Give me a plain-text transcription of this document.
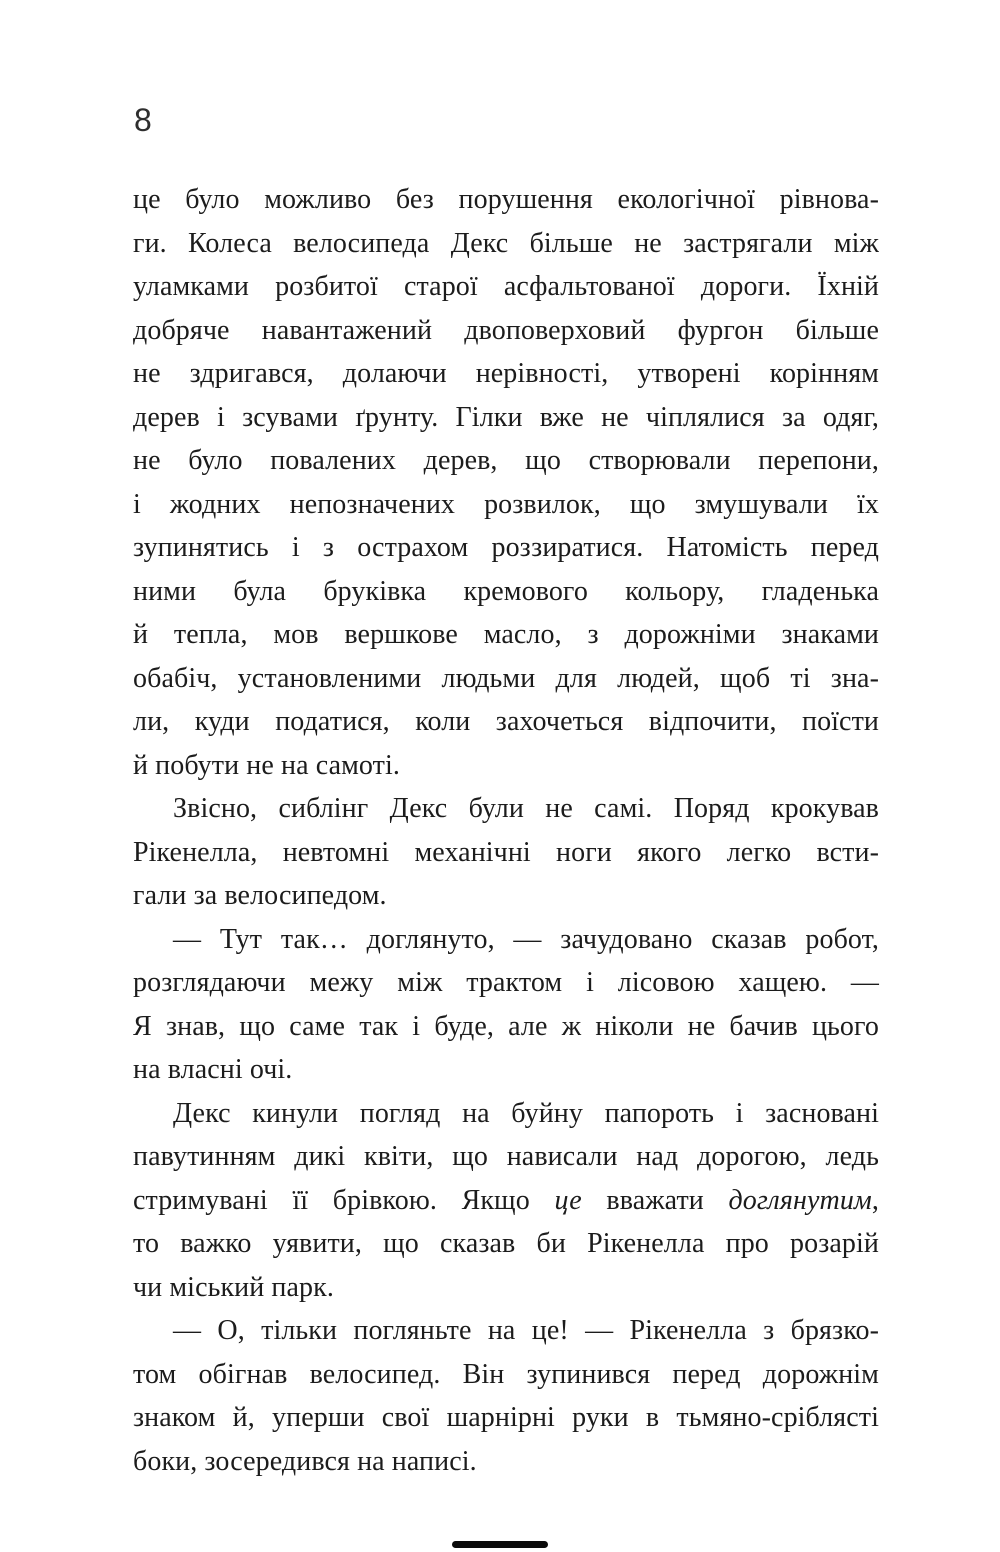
8
це було можливо без порушення екологічної рівнова-
ги. Колеса велосипеда Декс більше не застрягали між
уламками розбитої старої асфальтованої дороги. Їхній
добряче навантажений двоповерховий фургон більше
не здригався, долаючи нерівності, утворені корінням
дерев і зсувами ґрунту. Гілки вже не чіплялися за одяг,
не було повалених дерев, що створювали перепони,
і жодних непозначених розвилок, що змушували їх
зупинятись і з острахом роззиратися. Натомість перед
ними була бруківка кремового кольору, гладенька
й тепла, мов вершкове масло, з дорожніми знаками
обабіч, установленими людьми для людей, щоб ті зна-
ли, куди податися, коли захочеться відпочити, поїсти
й побути не на самоті.
Звісно, сиблінг Декс були не самі. Поряд крокував
Рікенелла, невтомні механічні ноги якого легко всти-
гали за велосипедом.
— Тут так… доглянуто, — зачудовано сказав робот,
розглядаючи межу між трактом і лісовою хащею. —
Я знав, що саме так і буде, але ж ніколи не бачив цього
на власні очі.
Декс кинули погляд на буйну папороть і засновані
павутинням дикі квіти, що нависали над дорогою, ледь
стримувані її брівкою. Якщо це вважати доглянутим,
то важко уявити, що сказав би Рікенелла про розарій
чи міський парк.
— О, тільки погляньте на це! — Рікенелла з брязко-
том обігнав велосипед. Він зупинився перед дорожнім
знаком й, уперши свої шарнірні руки в тьмяно-сріблясті
боки, зосередився на написі.
